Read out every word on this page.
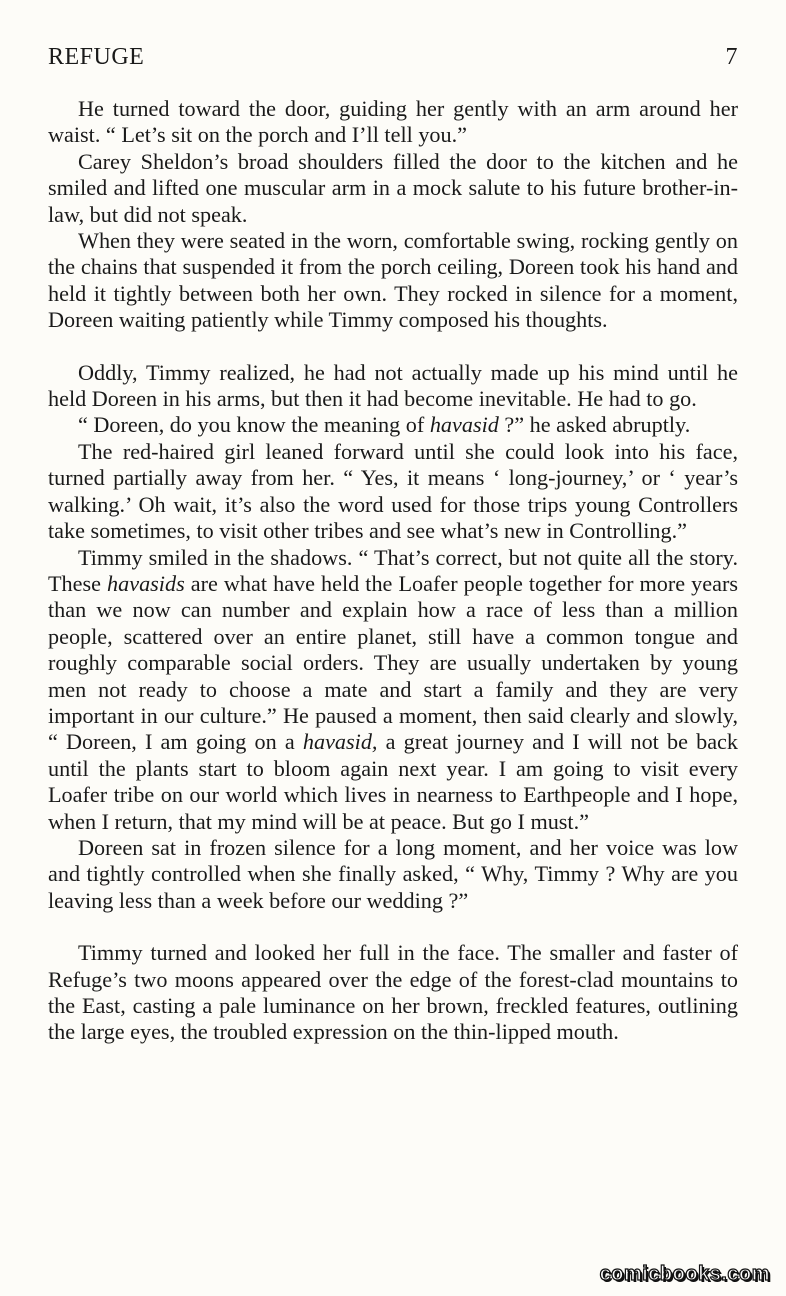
REFUGE	7

He turned toward the door, guiding her gently with an arm around her waist. “ Let’s sit on the porch and I’ll tell you.”

Carey Sheldon’s broad shoulders filled the door to the kitchen and he smiled and lifted one muscular arm in a mock salute to his future brother-in-law, but did not speak.

When they were seated in the worn, comfortable swing, rocking gently on the chains that suspended it from the porch ceiling, Doreen took his hand and held it tightly between both her own. They rocked in silence for a moment, Doreen waiting patiently while Timmy composed his thoughts.

Oddly, Timmy realized, he had not actually made up his mind until he held Doreen in his arms, but then it had become inevitable. He had to go.

“ Doreen, do you know the meaning of havasid ?” he asked abruptly.

The red-haired girl leaned forward until she could look into his face, turned partially away from her. “ Yes, it means ‘ long-journey,’ or ‘ year’s walking.’ Oh wait, it’s also the word used for those trips young Controllers take sometimes, to visit other tribes and see what’s new in Controlling.”

Timmy smiled in the shadows. “ That’s correct, but not quite all the story. These havasids are what have held the Loafer people together for more years than we now can number and explain how a race of less than a million people, scattered over an entire planet, still have a common tongue and roughly comparable social orders. They are usually undertaken by young men not ready to choose a mate and start a family and they are very important in our culture.” He paused a moment, then said clearly and slowly, “ Doreen, I am going on a havasid, a great journey and I will not be back until the plants start to bloom again next year. I am going to visit every Loafer tribe on our world which lives in nearness to Earthpeople and I hope, when I return, that my mind will be at peace. But go I must.”

Doreen sat in frozen silence for a long moment, and her voice was low and tightly controlled when she finally asked, “ Why, Timmy ? Why are you leaving less than a week before our wedding ?”

Timmy turned and looked her full in the face. The smaller and faster of Refuge’s two moons appeared over the edge of the forest-clad mountains to the East, casting a pale luminance on her brown, freckled features, outlining the large eyes, the troubled expression on the thin-lipped mouth.

comicbooks.com
